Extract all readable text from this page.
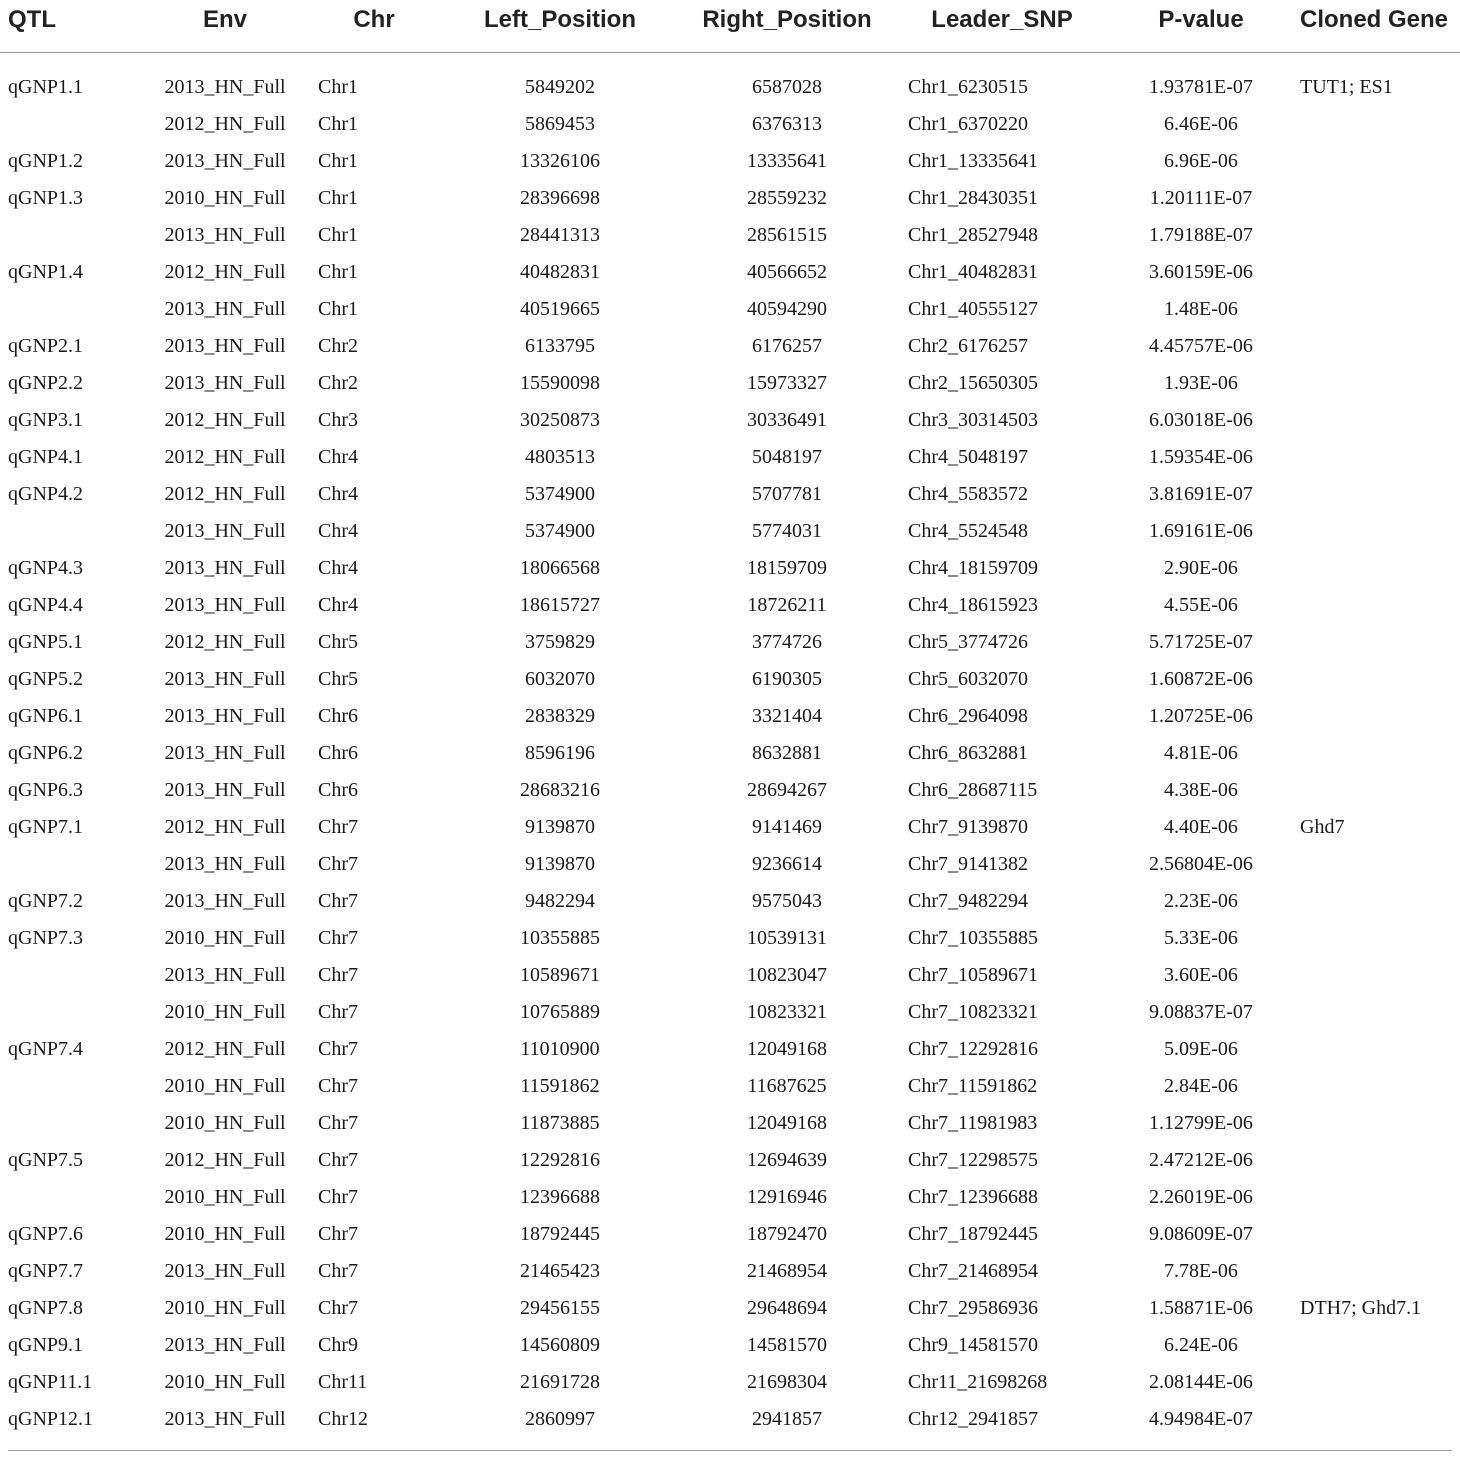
QTL	Env	Chr	Left_Position	Right_Position	Leader_SNP	P-value	Cloned Gene
qGNP1.1	2013_HN_Full	Chr1	5849202	6587028	Chr1_6230515	1.93781E-07	TUT1; ES1
	2012_HN_Full	Chr1	5869453	6376313	Chr1_6370220	6.46E-06	
qGNP1.2	2013_HN_Full	Chr1	13326106	13335641	Chr1_13335641	6.96E-06	
qGNP1.3	2010_HN_Full	Chr1	28396698	28559232	Chr1_28430351	1.20111E-07	
	2013_HN_Full	Chr1	28441313	28561515	Chr1_28527948	1.79188E-07	
qGNP1.4	2012_HN_Full	Chr1	40482831	40566652	Chr1_40482831	3.60159E-06	
	2013_HN_Full	Chr1	40519665	40594290	Chr1_40555127	1.48E-06	
qGNP2.1	2013_HN_Full	Chr2	6133795	6176257	Chr2_6176257	4.45757E-06	
qGNP2.2	2013_HN_Full	Chr2	15590098	15973327	Chr2_15650305	1.93E-06	
qGNP3.1	2012_HN_Full	Chr3	30250873	30336491	Chr3_30314503	6.03018E-06	
qGNP4.1	2012_HN_Full	Chr4	4803513	5048197	Chr4_5048197	1.59354E-06	
qGNP4.2	2012_HN_Full	Chr4	5374900	5707781	Chr4_5583572	3.81691E-07	
	2013_HN_Full	Chr4	5374900	5774031	Chr4_5524548	1.69161E-06	
qGNP4.3	2013_HN_Full	Chr4	18066568	18159709	Chr4_18159709	2.90E-06	
qGNP4.4	2013_HN_Full	Chr4	18615727	18726211	Chr4_18615923	4.55E-06	
qGNP5.1	2012_HN_Full	Chr5	3759829	3774726	Chr5_3774726	5.71725E-07	
qGNP5.2	2013_HN_Full	Chr5	6032070	6190305	Chr5_6032070	1.60872E-06	
qGNP6.1	2013_HN_Full	Chr6	2838329	3321404	Chr6_2964098	1.20725E-06	
qGNP6.2	2013_HN_Full	Chr6	8596196	8632881	Chr6_8632881	4.81E-06	
qGNP6.3	2013_HN_Full	Chr6	28683216	28694267	Chr6_28687115	4.38E-06	
qGNP7.1	2012_HN_Full	Chr7	9139870	9141469	Chr7_9139870	4.40E-06	Ghd7
	2013_HN_Full	Chr7	9139870	9236614	Chr7_9141382	2.56804E-06	
qGNP7.2	2013_HN_Full	Chr7	9482294	9575043	Chr7_9482294	2.23E-06	
qGNP7.3	2010_HN_Full	Chr7	10355885	10539131	Chr7_10355885	5.33E-06	
	2013_HN_Full	Chr7	10589671	10823047	Chr7_10589671	3.60E-06	
	2010_HN_Full	Chr7	10765889	10823321	Chr7_10823321	9.08837E-07	
qGNP7.4	2012_HN_Full	Chr7	11010900	12049168	Chr7_12292816	5.09E-06	
	2010_HN_Full	Chr7	11591862	11687625	Chr7_11591862	2.84E-06	
	2010_HN_Full	Chr7	11873885	12049168	Chr7_11981983	1.12799E-06	
qGNP7.5	2012_HN_Full	Chr7	12292816	12694639	Chr7_12298575	2.47212E-06	
	2010_HN_Full	Chr7	12396688	12916946	Chr7_12396688	2.26019E-06	
qGNP7.6	2010_HN_Full	Chr7	18792445	18792470	Chr7_18792445	9.08609E-07	
qGNP7.7	2013_HN_Full	Chr7	21465423	21468954	Chr7_21468954	7.78E-06	
qGNP7.8	2010_HN_Full	Chr7	29456155	29648694	Chr7_29586936	1.58871E-06	DTH7; Ghd7.1
qGNP9.1	2013_HN_Full	Chr9	14560809	14581570	Chr9_14581570	6.24E-06	
qGNP11.1	2010_HN_Full	Chr11	21691728	21698304	Chr11_21698268	2.08144E-06	
qGNP12.1	2013_HN_Full	Chr12	2860997	2941857	Chr12_2941857	4.94984E-07	
